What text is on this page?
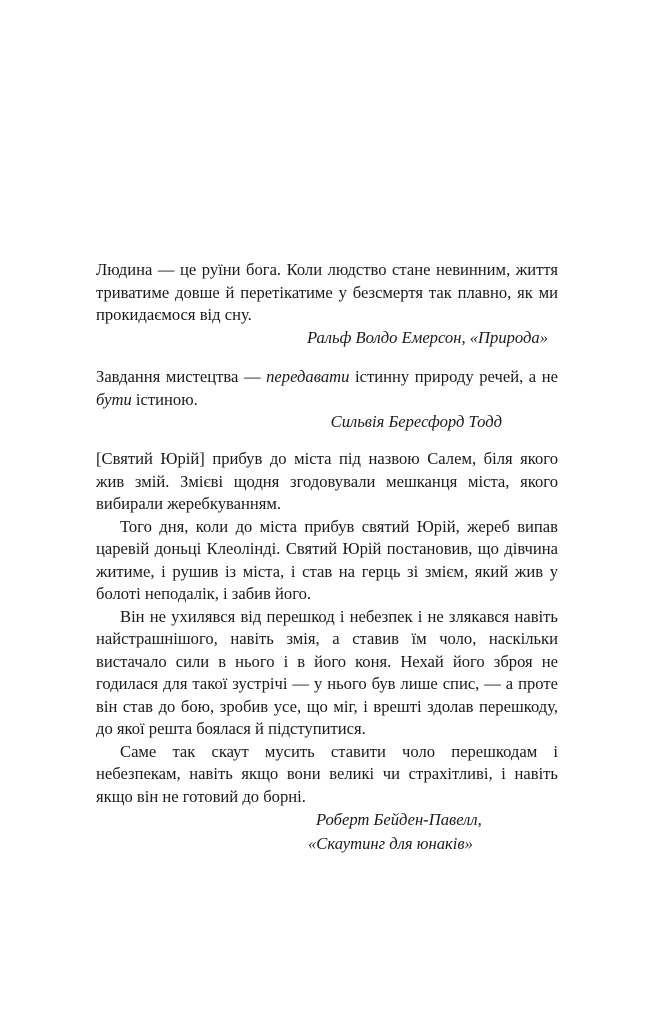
Людина — це руїни бога. Коли людство стане невинним, життя триватиме довше й перетікатиме у безсмертя так плавно, як ми прокидаємося від сну.

Ральф Волдо Емерсон, «Природа»

Завдання мистецтва — передавати істинну природу речей, а не бути істиною.

Сильвія Бересфорд Тодд

[Святий Юрій] прибув до міста під назвою Салем, біля якого жив змій. Змієві щодня згодовували мешканця міста, якого вибирали жеребкуванням.

Того дня, коли до міста прибув святий Юрій, жереб випав царевій доньці Клеолінді. Святий Юрій постановив, що дівчина житиме, і рушив із міста, і став на герць зі змієм, який жив у болоті неподалік, і забив його.

Він не ухилявся від перешкод і небезпек і не злякався навіть найстрашнішого, навіть змія, а ставив їм чоло, наскільки вистачало сили в нього і в його коня. Нехай його зброя не годилася для такої зустрічі — у нього був лише спис, — а проте він став до бою, зробив усе, що міг, і врешті здолав перешкоду, до якої решта боялася й підступитися.

Саме так скаут мусить ставити чоло перешкодам і небезпекам, навіть якщо вони великі чи страхітливі, і навіть якщо він не готовий до борні.

Роберт Бейден-Павелл,

«Скаутинг для юнаків»
